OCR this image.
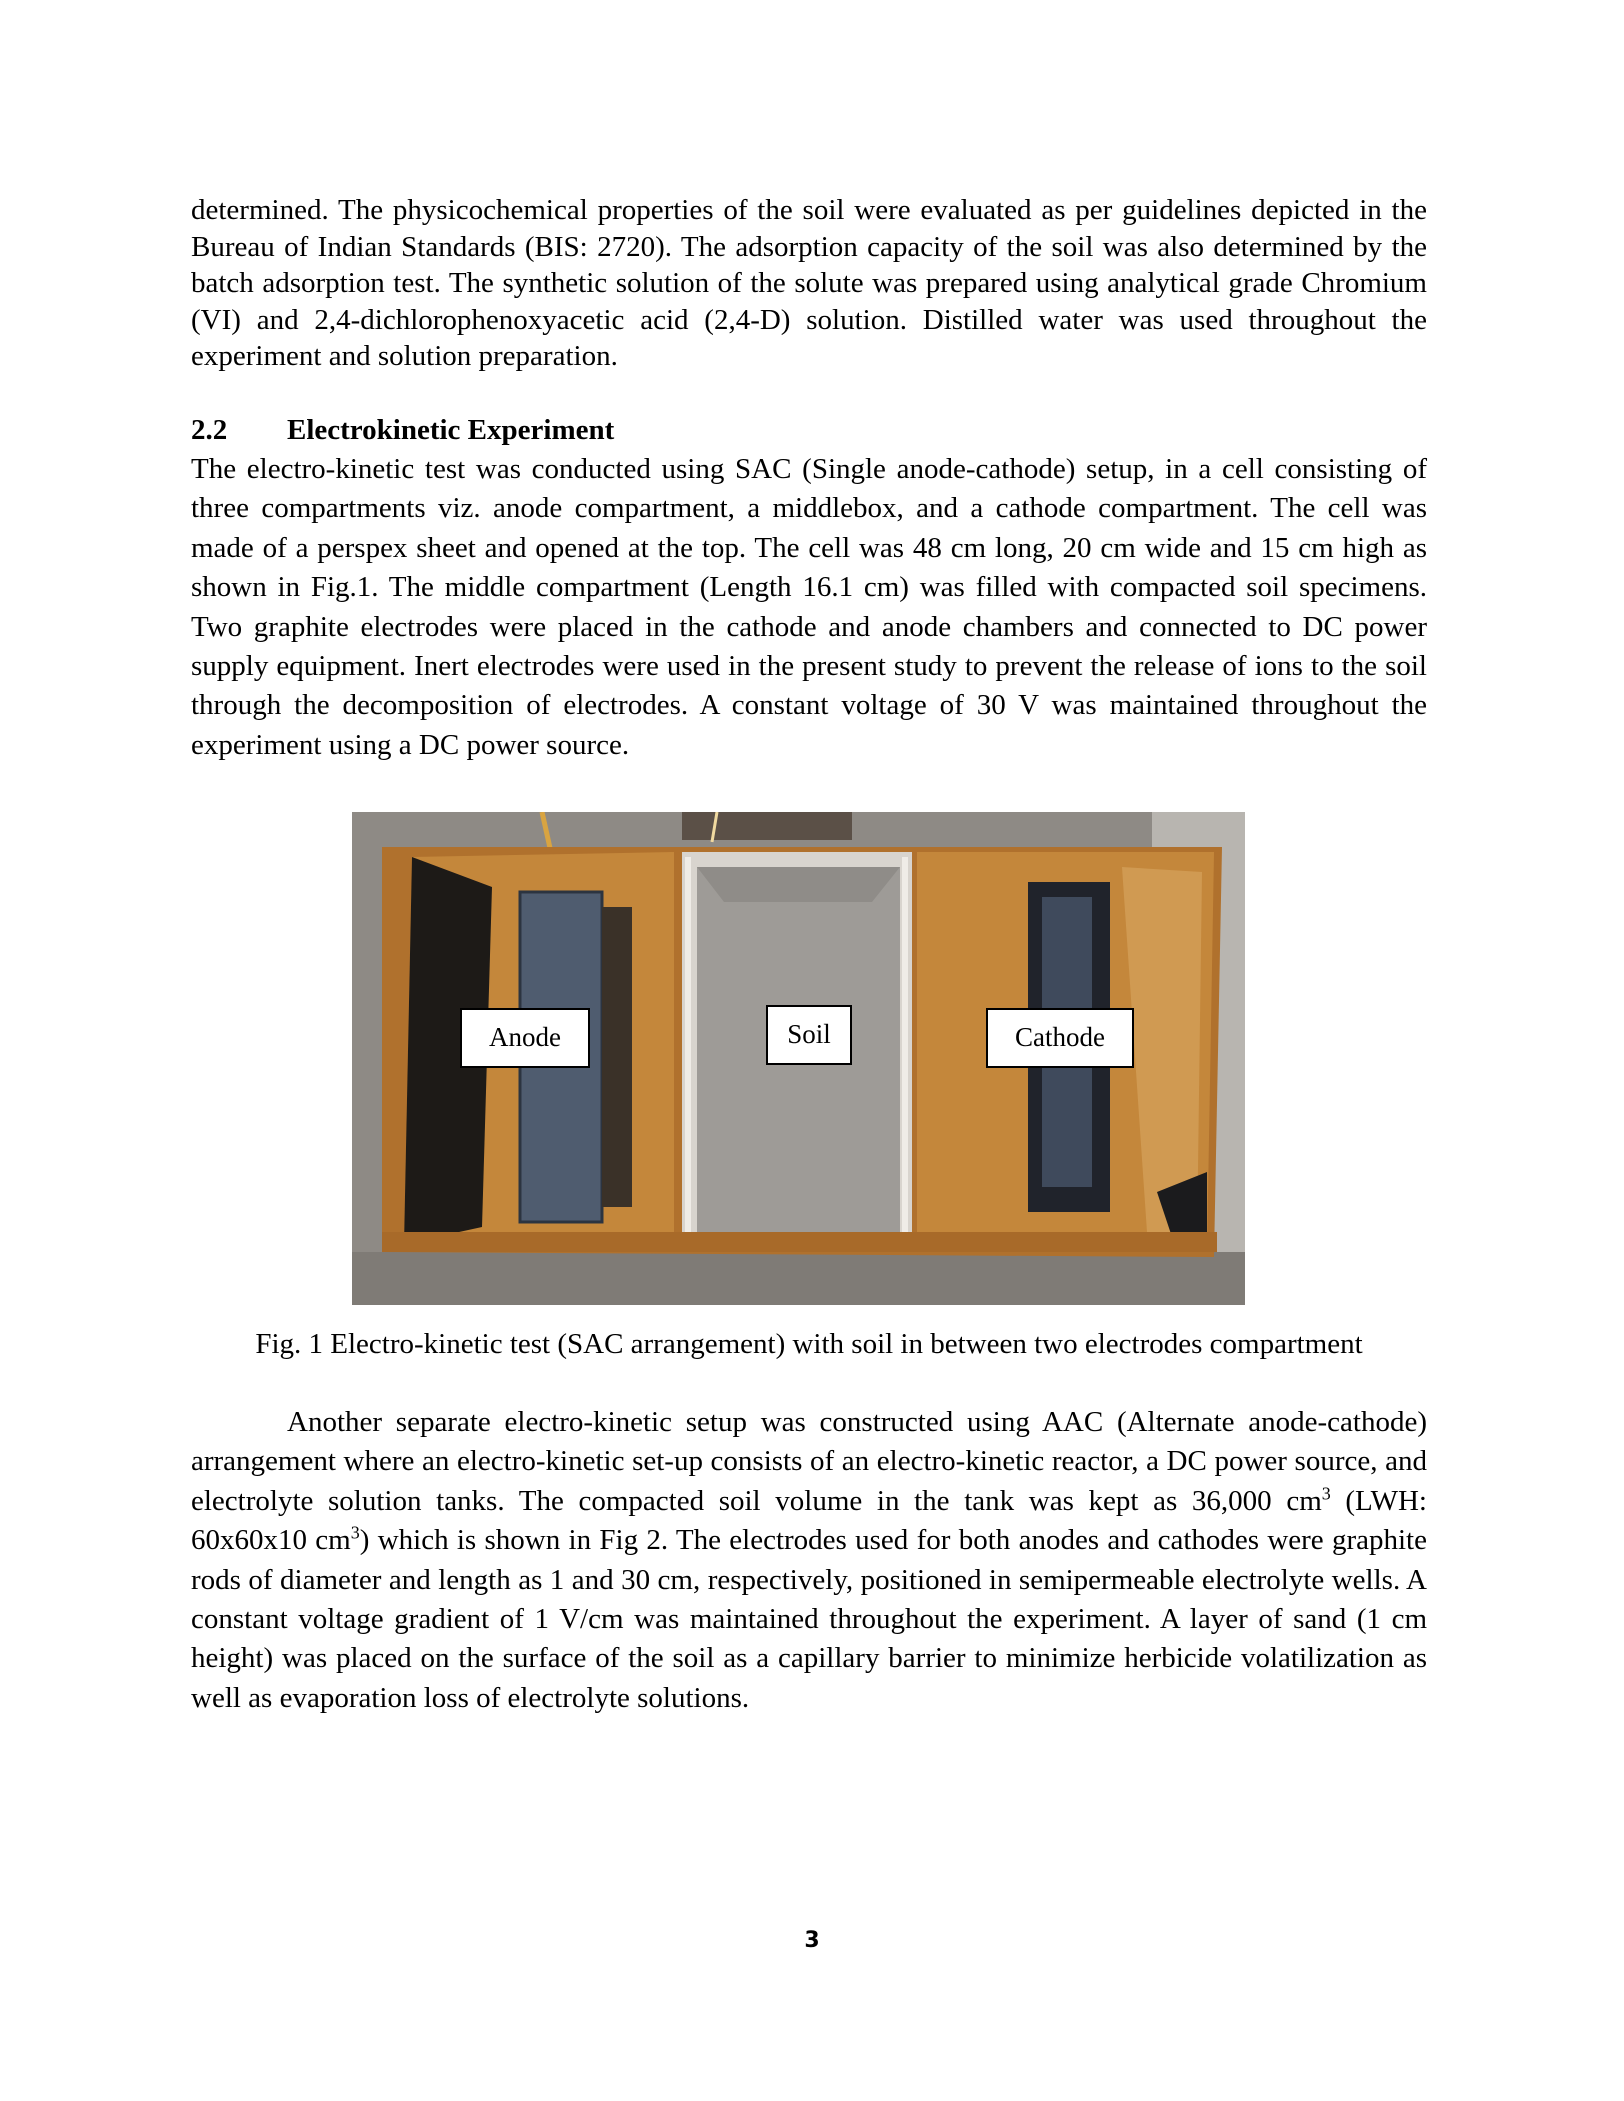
determined. The physicochemical properties of the soil were evaluated as per guidelines depicted in the Bureau of Indian Standards (BIS: 2720). The adsorption capacity of the soil was also determined by the batch adsorption test. The synthetic solution of the solute was prepared using analytical grade Chromium (VI) and 2,4-dichlorophenoxyacetic acid (2,4-D) solution. Distilled water was used throughout the experiment and solution preparation.

2.2 Electrokinetic Experiment

The electro-kinetic test was conducted using SAC (Single anode-cathode) setup, in a cell consisting of three compartments viz. anode compartment, a middlebox, and a cathode compartment. The cell was made of a perspex sheet and opened at the top. The cell was 48 cm long, 20 cm wide and 15 cm high as shown in Fig.1. The middle compartment (Length 16.1 cm) was filled with compacted soil specimens. Two graphite electrodes were placed in the cathode and anode chambers and connected to DC power supply equipment. Inert electrodes were used in the present study to prevent the release of ions to the soil through the decomposition of electrodes. A constant voltage of 30 V was maintained throughout the experiment using a DC power source.

Anode	Soil	Cathode

Fig. 1 Electro-kinetic test (SAC arrangement) with soil in between two electrodes compartment

Another separate electro-kinetic setup was constructed using AAC (Alternate anode-cathode) arrangement where an electro-kinetic set-up consists of an electro-kinetic reactor, a DC power source, and electrolyte solution tanks. The compacted soil volume in the tank was kept as 36,000 $cm^3$ (LWH: 60x60x10 $cm^3$) which is shown in Fig 2. The electrodes used for both anodes and cathodes were graphite rods of diameter and length as 1 and 30 cm, respectively, positioned in semipermeable electrolyte wells. A constant voltage gradient of 1 V/cm was maintained throughout the experiment. A layer of sand (1 cm height) was placed on the surface of the soil as a capillary barrier to minimize herbicide volatilization as well as evaporation loss of electrolyte solutions.

3
